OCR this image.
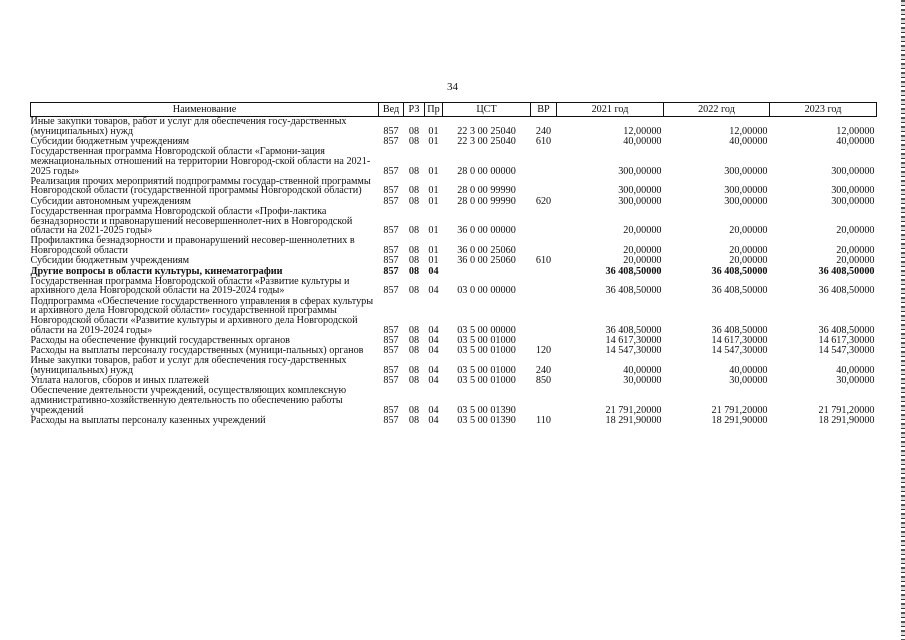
34
Наименование	Вед	РЗ	Пр	ЦСТ	ВР	2021 год	2022 год	2023 год
Иные закупки товаров, работ и услуг для обеспечения госу-дарственных (муниципальных) нужд	857	08	01	22 3 00 25040	240	12,00000	12,00000	12,00000
Субсидии бюджетным учреждениям	857	08	01	22 3 00 25040	610	40,00000	40,00000	40,00000
Государственная программа Новгородской области «Гармони-зация межнациональных отношений на территории Новгород-ской области на 2021-2025 годы»	857	08	01	28 0 00 00000		300,00000	300,00000	300,00000
Реализация прочих мероприятий подпрограммы государ-ственной программы Новгородской области (государственной программы Новгородской области)	857	08	01	28 0 00 99990		300,00000	300,00000	300,00000
Субсидии автономным учреждениям	857	08	01	28 0 00 99990	620	300,00000	300,00000	300,00000
Государственная программа Новгородской области «Профи-лактика безнадзорности и правонарушений несовершеннолет-них в Новгородской области на 2021-2025 годы»	857	08	01	36 0 00 00000		20,00000	20,00000	20,00000
Профилактика безнадзорности и правонарушений несовер-шеннолетних в Новгородской области	857	08	01	36 0 00 25060		20,00000	20,00000	20,00000
Субсидии бюджетным учреждениям	857	08	01	36 0 00 25060	610	20,00000	20,00000	20,00000
Другие вопросы в области культуры, кинематографии	857	08	04			36 408,50000	36 408,50000	36 408,50000
Государственная программа Новгородской области «Развитие культуры и архивного дела Новгородской области на 2019-2024 годы»	857	08	04	03 0 00 00000		36 408,50000	36 408,50000	36 408,50000
Подпрограмма «Обеспечение государственного управления в сферах культуры и архивного дела Новгородской области» государственной программы Новгородской области «Развитие культуры и архивного дела Новгородской области на 2019-2024 годы»	857	08	04	03 5 00 00000		36 408,50000	36 408,50000	36 408,50000
Расходы на обеспечение функций государственных органов	857	08	04	03 5 00 01000		14 617,30000	14 617,30000	14 617,30000
Расходы на выплаты персоналу государственных (муници-пальных) органов	857	08	04	03 5 00 01000	120	14 547,30000	14 547,30000	14 547,30000
Иные закупки товаров, работ и услуг для обеспечения госу-дарственных (муниципальных) нужд	857	08	04	03 5 00 01000	240	40,00000	40,00000	40,00000
Уплата налогов, сборов и иных платежей	857	08	04	03 5 00 01000	850	30,00000	30,00000	30,00000
Обеспечение деятельности учреждений, осуществляющих комплексную административно-хозяйственную деятельность по обеспечению работы учреждений	857	08	04	03 5 00 01390		21 791,20000	21 791,20000	21 791,20000
Расходы на выплаты персоналу казенных учреждений	857	08	04	03 5 00 01390	110	18 291,90000	18 291,90000	18 291,90000
